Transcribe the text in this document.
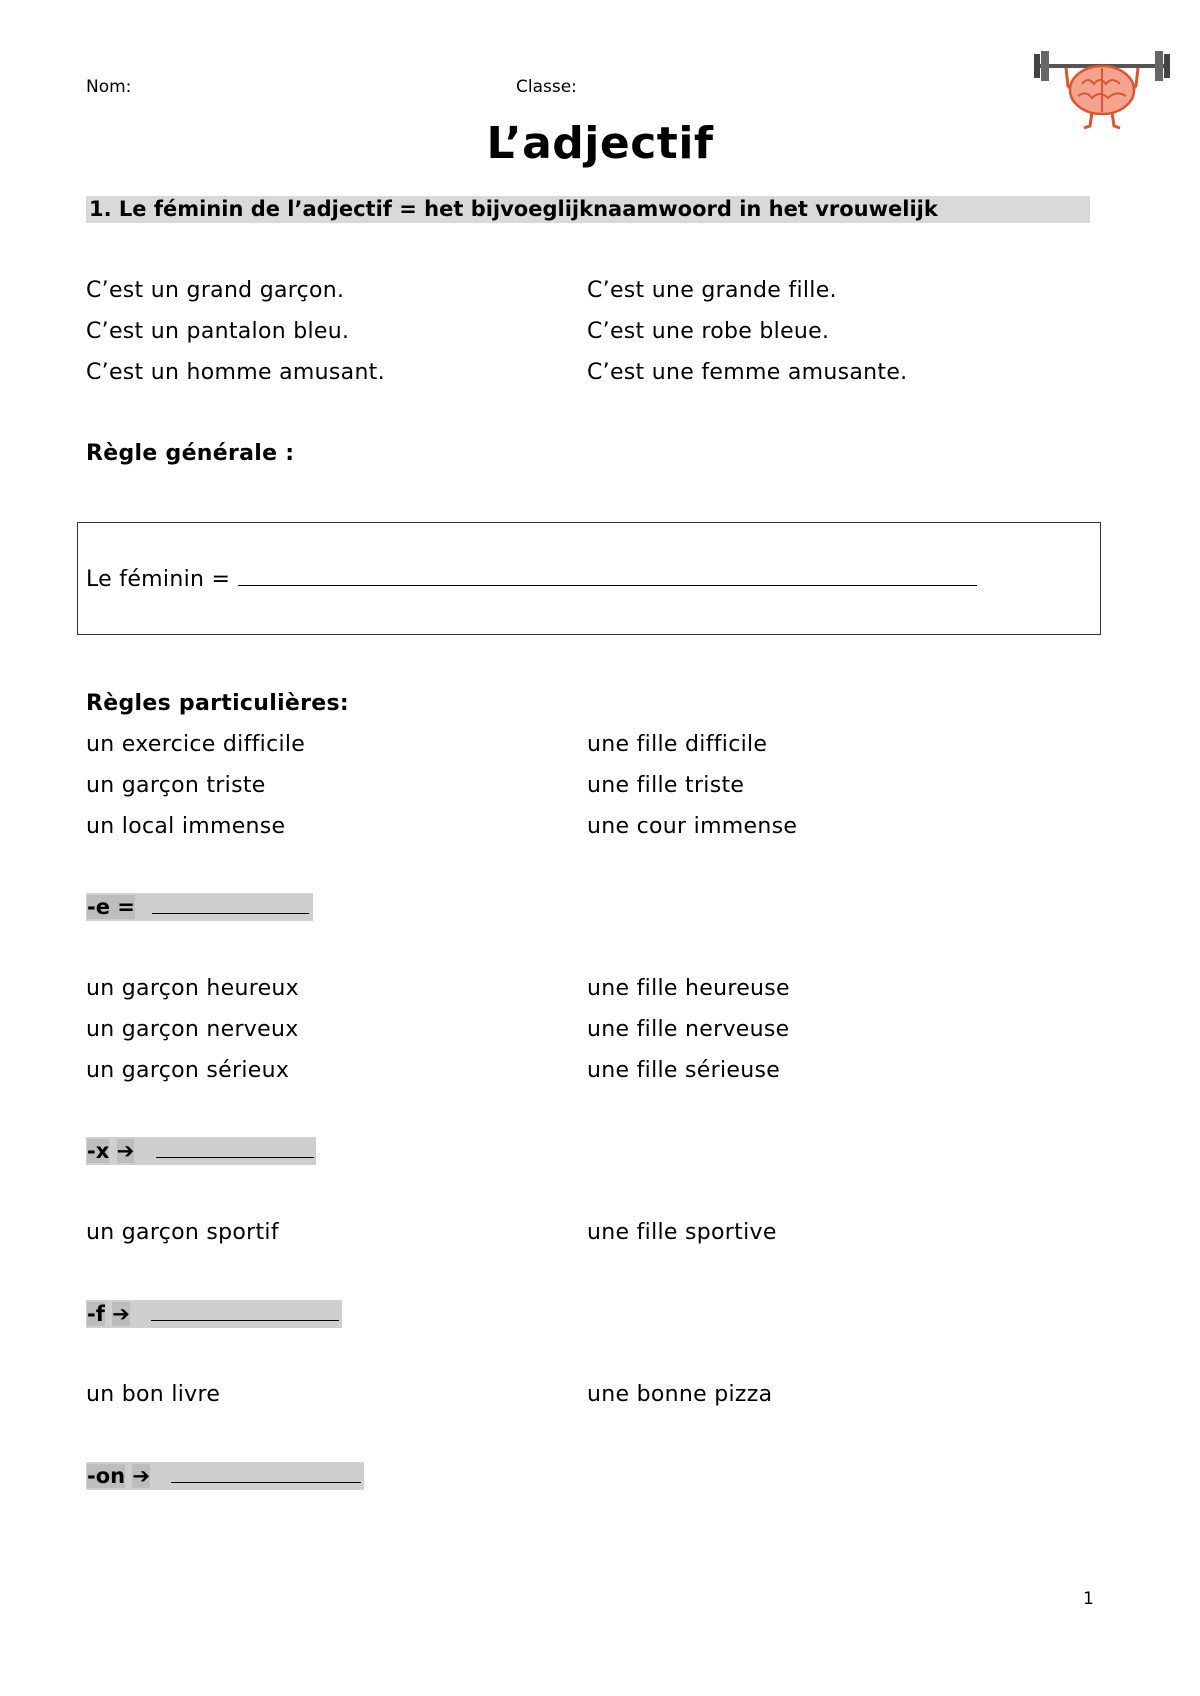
Nom:	Classe:
L’adjectif
1. Le féminin de l’adjectif = het bijvoeglijknaamwoord in het vrouwelijk
C’est un grand garçon.	C’est une grande fille.
C’est un pantalon bleu.	C’est une robe bleue.
C’est un homme amusant.	C’est une femme amusante.
Règle générale :
Le féminin =
Règles particulières:
un exercice difficile	une fille difficile
un garçon triste	une fille triste
un local immense	une cour immense
-e =
un garçon heureux	une fille heureuse
un garçon nerveux	une fille nerveuse
un garçon sérieux	une fille sérieuse
-x ➔
un garçon sportif	une fille sportive
-f ➔
un bon livre	une bonne pizza
-on ➔
1
